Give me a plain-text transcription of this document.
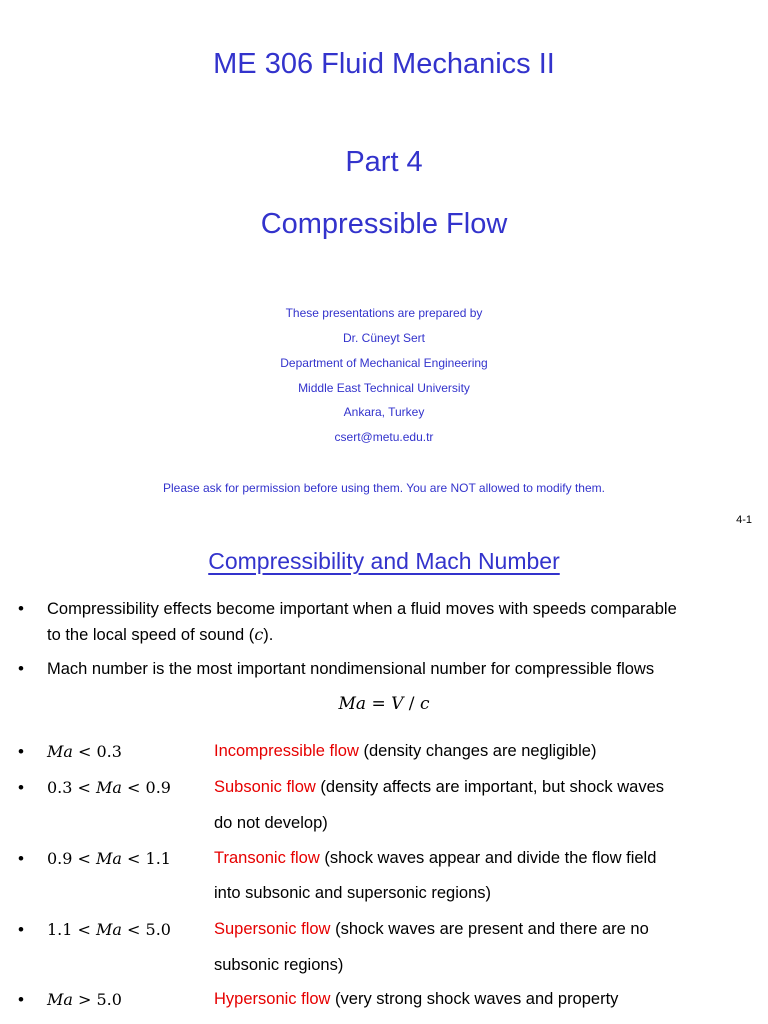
ME 306 Fluid Mechanics II
Part 4
Compressible Flow
These presentations are prepared by
Dr. Cüneyt Sert
Department of Mechanical Engineering
Middle East Technical University
Ankara, Turkey
csert@metu.edu.tr
Please ask for permission before using them. You are NOT allowed to modify them.
4-1
Compressibility and Mach Number
• Compressibility effects become important when a fluid moves with speeds comparable
to the local speed of sound (c).
• Mach number is the most important nondimensional number for compressible flows
Ma = V / c
• Ma < 0.3	Incompressible flow (density changes are negligible)
• 0.3 < Ma < 0.9	Subsonic flow (density affects are important, but shock waves
do not develop)
• 0.9 < Ma < 1.1	Transonic flow (shock waves appear and divide the flow field
into subsonic and supersonic regions)
• 1.1 < Ma < 5.0	Supersonic flow (shock waves are present and there are no
subsonic regions)
• Ma > 5.0	Hypersonic flow (very strong shock waves and property
